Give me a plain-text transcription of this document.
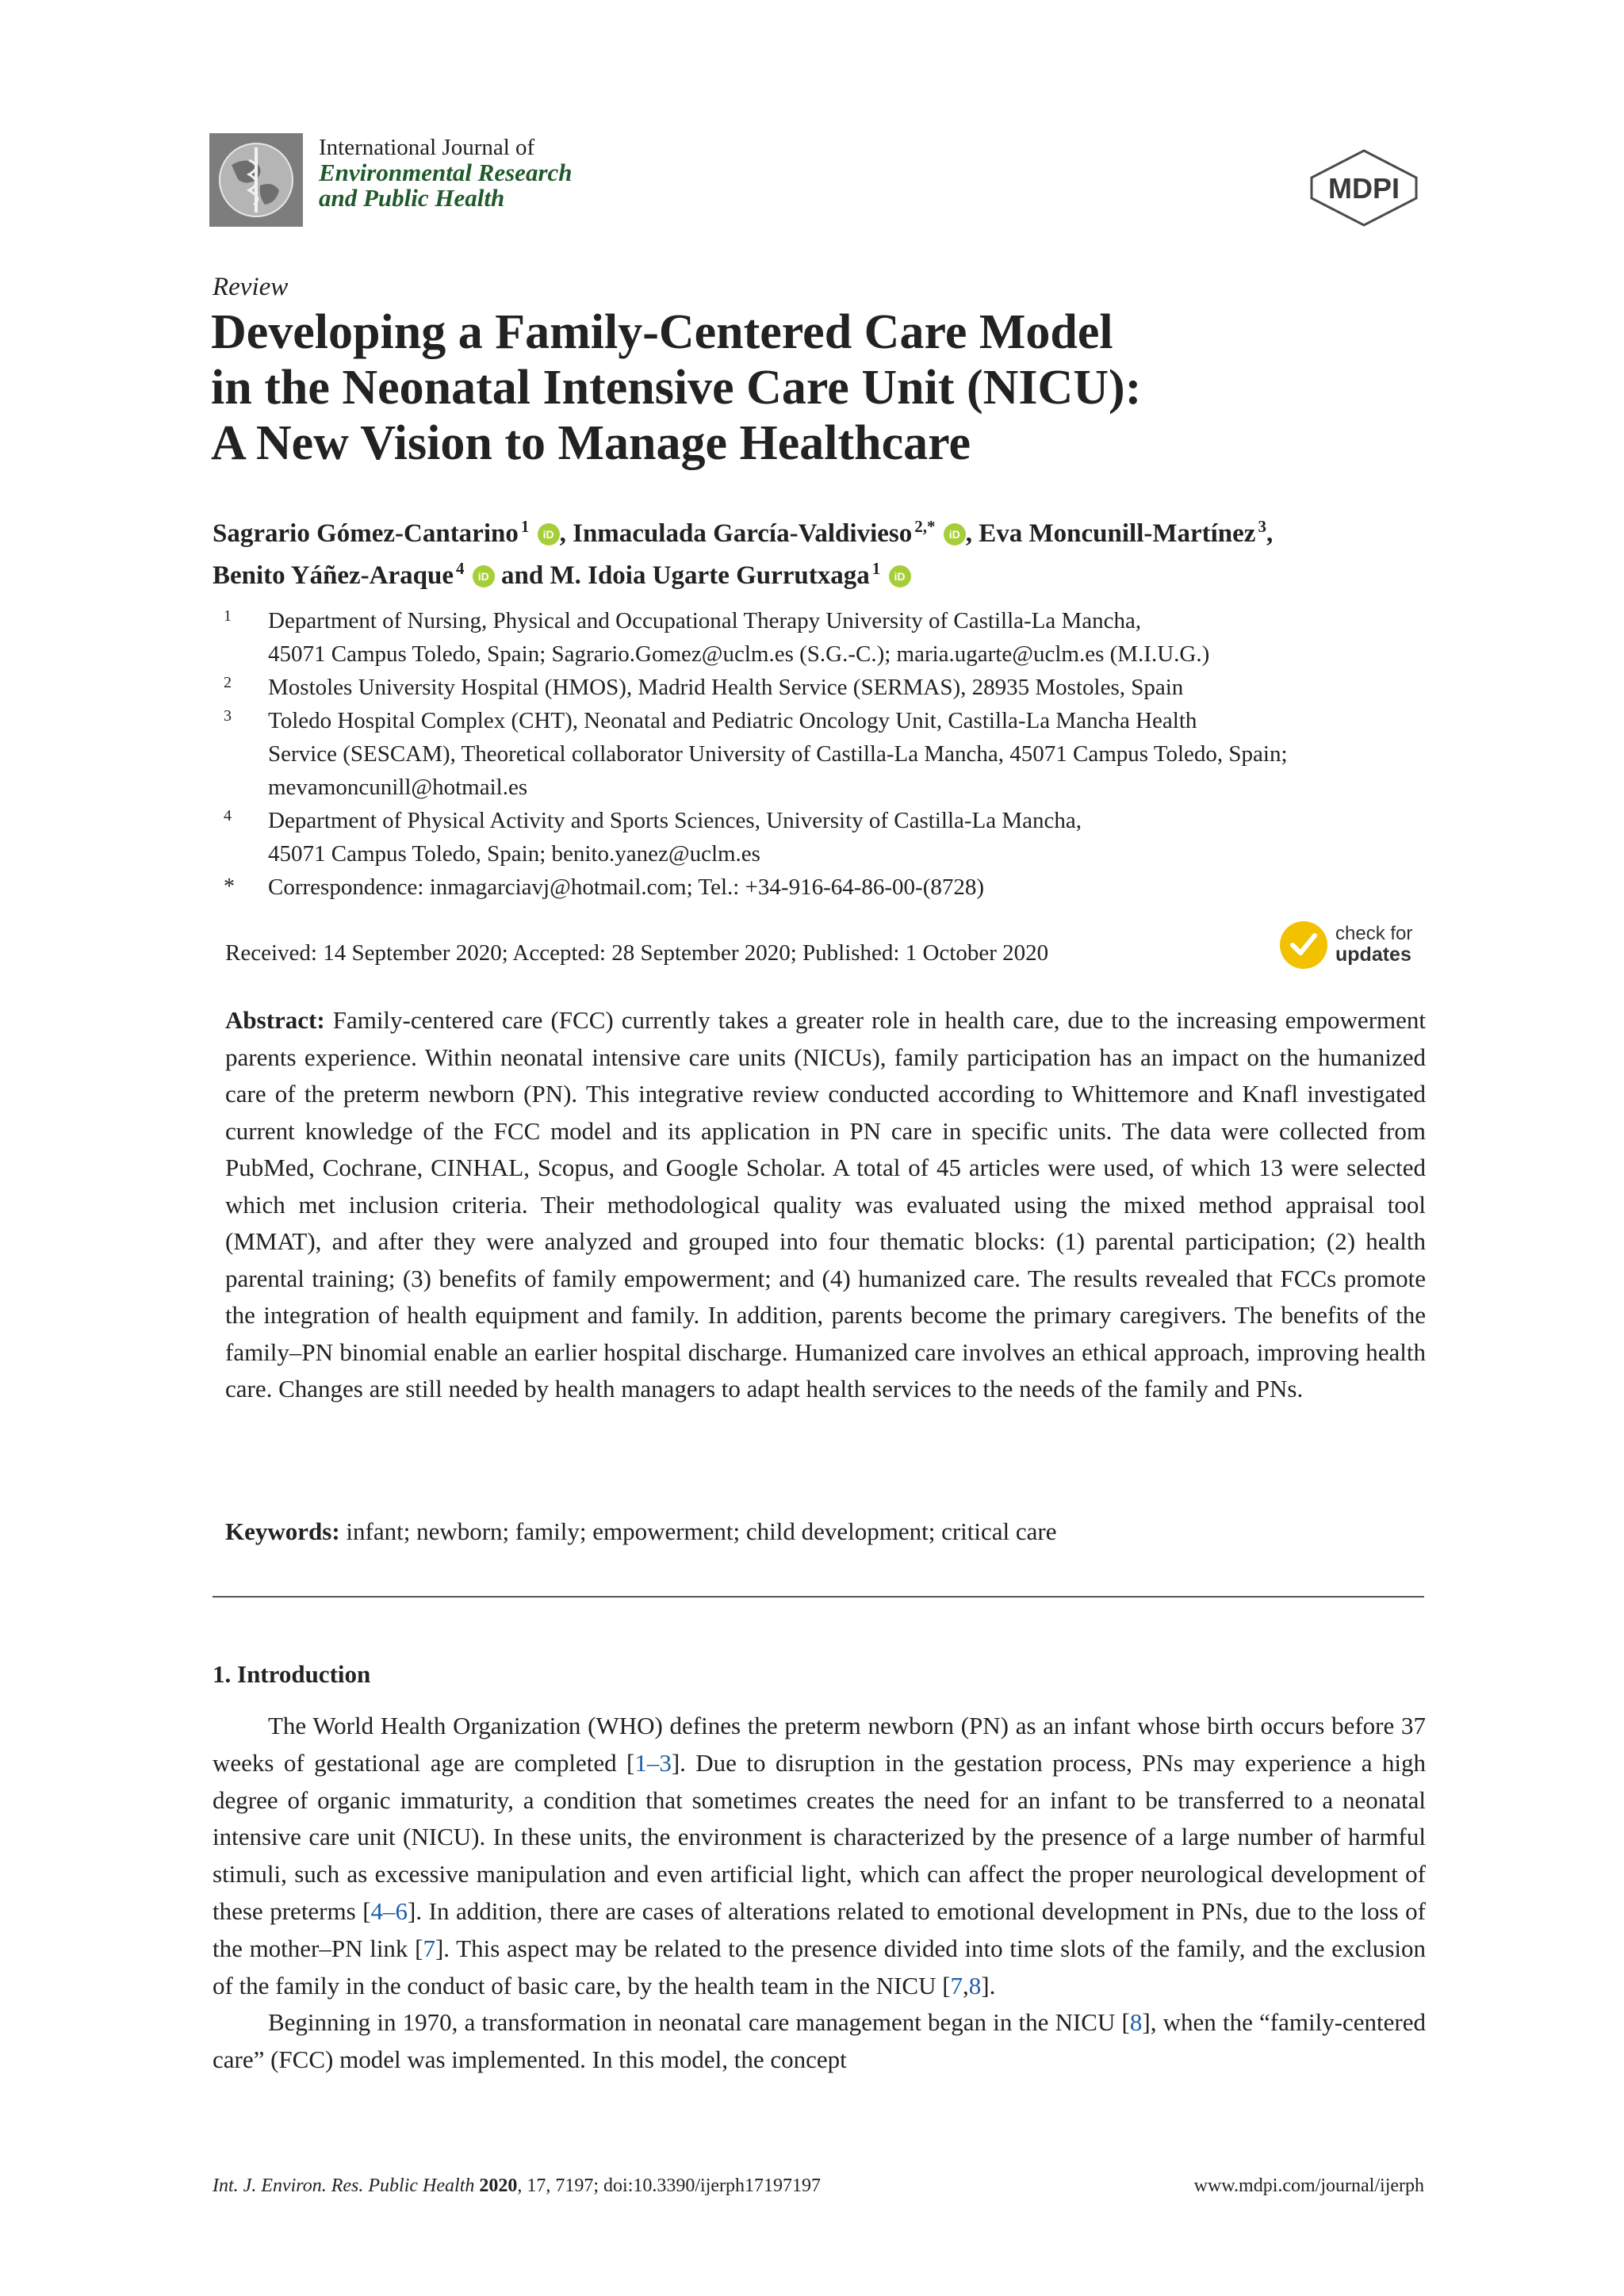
International Journal of
Environmental Research
and Public Health	MDPI
Review
Developing a Family-Centered Care Model
in the Neonatal Intensive Care Unit (NICU):
A New Vision to Manage Healthcare
Sagrario Gómez-Cantarino $^1$ iD , Inmaculada García-Valdivieso $^{2,*}$ iD , Eva Moncunill-Martínez $^3$,
Benito Yáñez-Araque $^4$ iD and M. Idoia Ugarte Gurrutxaga $^1$ iD
1 Department of Nursing, Physical and Occupational Therapy University of Castilla-La Mancha,
45071 Campus Toledo, Spain; Sagrario.Gomez@uclm.es (S.G.-C.); maria.ugarte@uclm.es (M.I.U.G.)
2 Mostoles University Hospital (HMOS), Madrid Health Service (SERMAS), 28935 Mostoles, Spain
3 Toledo Hospital Complex (CHT), Neonatal and Pediatric Oncology Unit, Castilla-La Mancha Health
Service (SESCAM), Theoretical collaborator University of Castilla-La Mancha, 45071 Campus Toledo, Spain;
mevamoncunill@hotmail.es
4 Department of Physical Activity and Sports Sciences, University of Castilla-La Mancha,
45071 Campus Toledo, Spain; benito.yanez@uclm.es
* Correspondence: inmagarciavj@hotmail.com; Tel.: +34-916-64-86-00-(8728)
Received: 14 September 2020; Accepted: 28 September 2020; Published: 1 October 2020
check for
updates

Abstract: Family-centered care (FCC) currently takes a greater role in health care, due to the increasing empowerment parents experience. Within neonatal intensive care units (NICUs), family participation has an impact on the humanized care of the preterm newborn (PN). This integrative review conducted according to Whittemore and Knafl investigated current knowledge of the FCC model and its application in PN care in specific units. The data were collected from PubMed, Cochrane, CINHAL, Scopus, and Google Scholar. A total of 45 articles were used, of which 13 were selected which met inclusion criteria. Their methodological quality was evaluated using the mixed method appraisal tool (MMAT), and after they were analyzed and grouped into four thematic blocks: (1) parental participation; (2) health parental training; (3) benefits of family empowerment; and (4) humanized care. The results revealed that FCCs promote the integration of health equipment and family. In addition, parents become the primary caregivers. The benefits of the family–PN binomial enable an earlier hospital discharge. Humanized care involves an ethical approach, improving health care. Changes are still needed by health managers to adapt health services to the needs of the family and PNs.

Keywords: infant; newborn; family; empowerment; child development; critical care
1. Introduction

The World Health Organization (WHO) defines the preterm newborn (PN) as an infant whose birth occurs before 37 weeks of gestational age are completed [1–3]. Due to disruption in the gestation process, PNs may experience a high degree of organic immaturity, a condition that sometimes creates the need for an infant to be transferred to a neonatal intensive care unit (NICU). In these units, the environment is characterized by the presence of a large number of harmful stimuli, such as excessive manipulation and even artificial light, which can affect the proper neurological development of these preterms [4–6]. In addition, there are cases of alterations related to emotional development in PNs, due to the loss of the mother–PN link [7]. This aspect may be related to the presence divided into time slots of the family, and the exclusion of the family in the conduct of basic care, by the health team in the NICU [7,8].

Beginning in 1970, a transformation in neonatal care management began in the NICU [8], when the “family-centered care” (FCC) model was implemented. In this model, the concept

Int. J. Environ. Res. Public Health 2020, 17, 7197; doi:10.3390/ijerph17197197	www.mdpi.com/journal/ijerph
